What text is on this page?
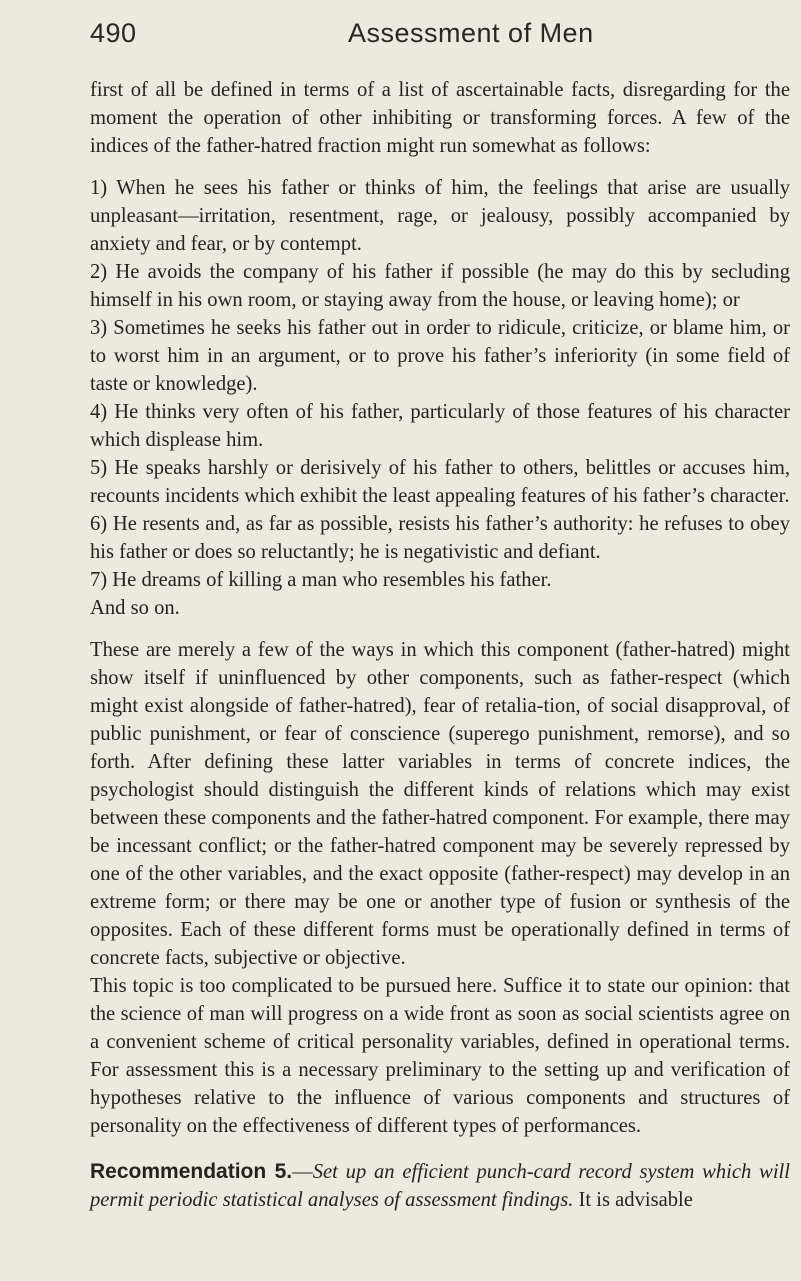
490	Assessment of Men

first of all be defined in terms of a list of ascertainable facts, disregarding for the moment the operation of other inhibiting or transforming forces. A few of the indices of the father-hatred fraction might run somewhat as follows:

1) When he sees his father or thinks of him, the feelings that arise are usually unpleasant—irritation, resentment, rage, or jealousy, possibly accompanied by anxiety and fear, or by contempt.

2) He avoids the company of his father if possible (he may do this by secluding himself in his own room, or staying away from the house, or leaving home); or

3) Sometimes he seeks his father out in order to ridicule, criticize, or blame him, or to worst him in an argument, or to prove his father’s inferiority (in some field of taste or knowledge).

4) He thinks very often of his father, particularly of those features of his character which displease him.

5) He speaks harshly or derisively of his father to others, belittles or accuses him, recounts incidents which exhibit the least appealing features of his father’s character.

6) He resents and, as far as possible, resists his father’s authority: he refuses to obey his father or does so reluctantly; he is negativistic and defiant.

7) He dreams of killing a man who resembles his father.

And so on.

These are merely a few of the ways in which this component (father-hatred) might show itself if uninfluenced by other components, such as father-respect (which might exist alongside of father-hatred), fear of retalia-tion, of social disapproval, of public punishment, or fear of conscience (superego punishment, remorse), and so forth. After defining these latter variables in terms of concrete indices, the psychologist should distinguish the different kinds of relations which may exist between these components and the father-hatred component. For example, there may be incessant conflict; or the father-hatred component may be severely repressed by one of the other variables, and the exact opposite (father-respect) may develop in an extreme form; or there may be one or another type of fusion or synthesis of the opposites. Each of these different forms must be operationally defined in terms of concrete facts, subjective or objective.

This topic is too complicated to be pursued here. Suffice it to state our opinion: that the science of man will progress on a wide front as soon as social scientists agree on a convenient scheme of critical personality variables, defined in operational terms. For assessment this is a necessary preliminary to the setting up and verification of hypotheses relative to the influence of various components and structures of personality on the effectiveness of different types of performances.

Recommendation 5.—Set up an efficient punch-card record system which will permit periodic statistical analyses of assessment findings. It is advisable
